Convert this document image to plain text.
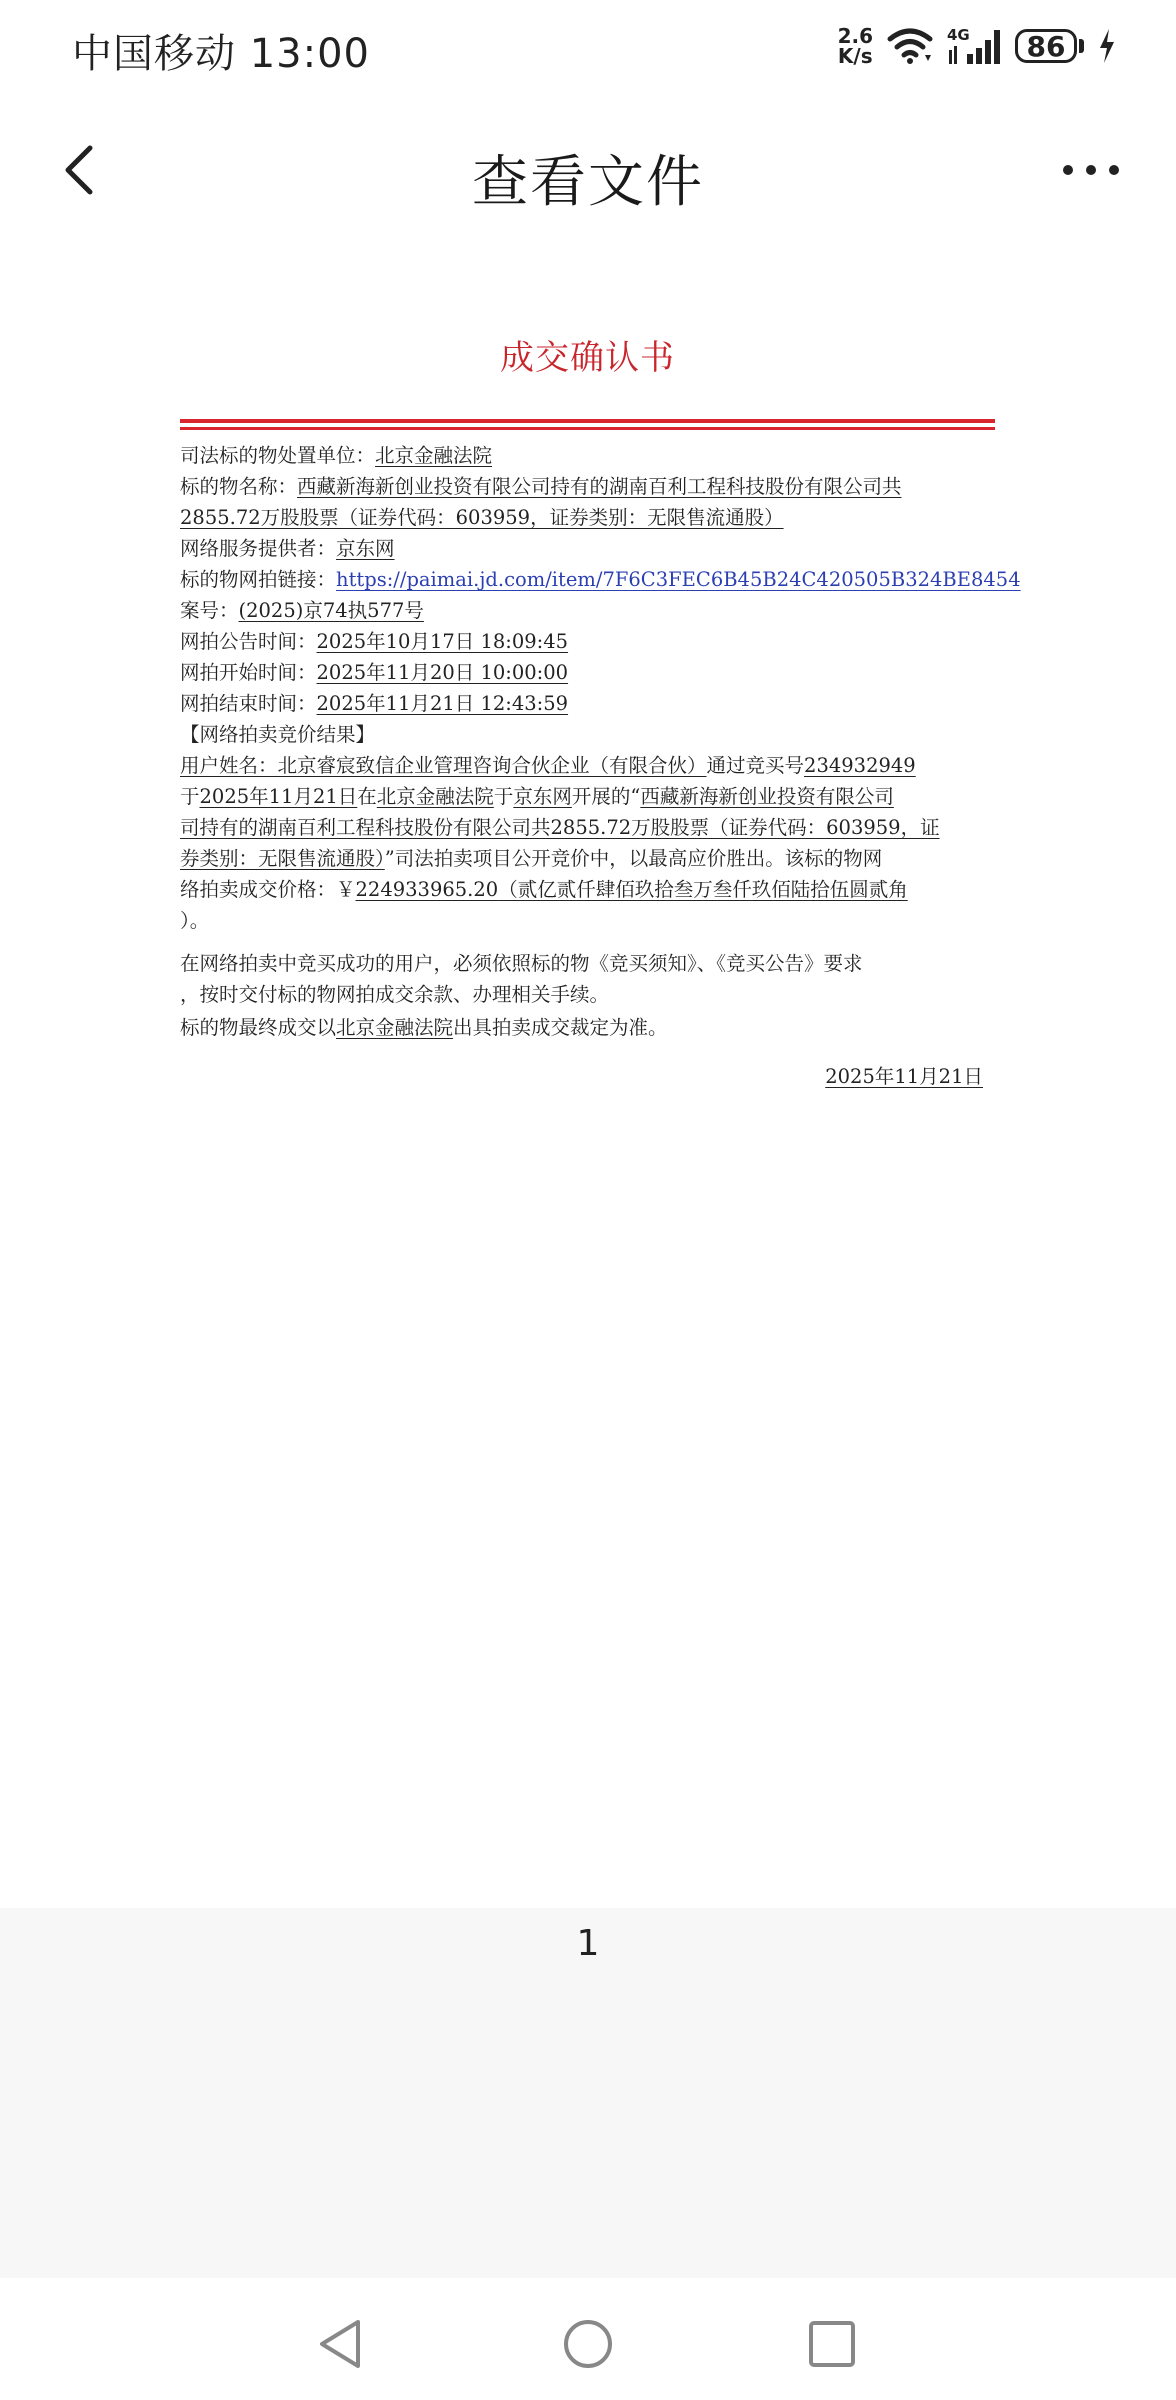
中国移动 13:00	2.6
K/s
4G	86
查看文件
成交确认书
司法标的物处置单位：北京金融法院
标的物名称：西藏新海新创业投资有限公司持有的湖南百利工程科技股份有限公司共
2855.72万股股票（证券代码：603959，证券类别：无限售流通股）
网络服务提供者：京东网
标的物网拍链接：https://paimai.jd.com/item/7F6C3FEC6B45B24C420505B324BE8454
案号：(2025)京74执577号
网拍公告时间：2025年10月17日 18:09:45
网拍开始时间：2025年11月20日 10:00:00
网拍结束时间：2025年11月21日 12:43:59
【网络拍卖竞价结果】
用户姓名：北京睿宸致信企业管理咨询合伙企业（有限合伙）通过竞买号234932949
于2025年11月21日在北京金融法院于京东网开展的“西藏新海新创业投资有限公司
司持有的湖南百利工程科技股份有限公司共2855.72万股股票（证券代码：603959，证
券类别：无限售流通股）”司法拍卖项目公开竞价中，以最高应价胜出。该标的物网
络拍卖成交价格：￥224933965.20（贰亿贰仟肆佰玖拾叁万叁仟玖佰陆拾伍圆贰角
）。
在网络拍卖中竞买成功的用户，必须依照标的物《竞买须知》、《竞买公告》要求
，按时交付标的物网拍成交余款、办理相关手续。
标的物最终成交以北京金融法院出具拍卖成交裁定为准。
2025年11月21日
1
